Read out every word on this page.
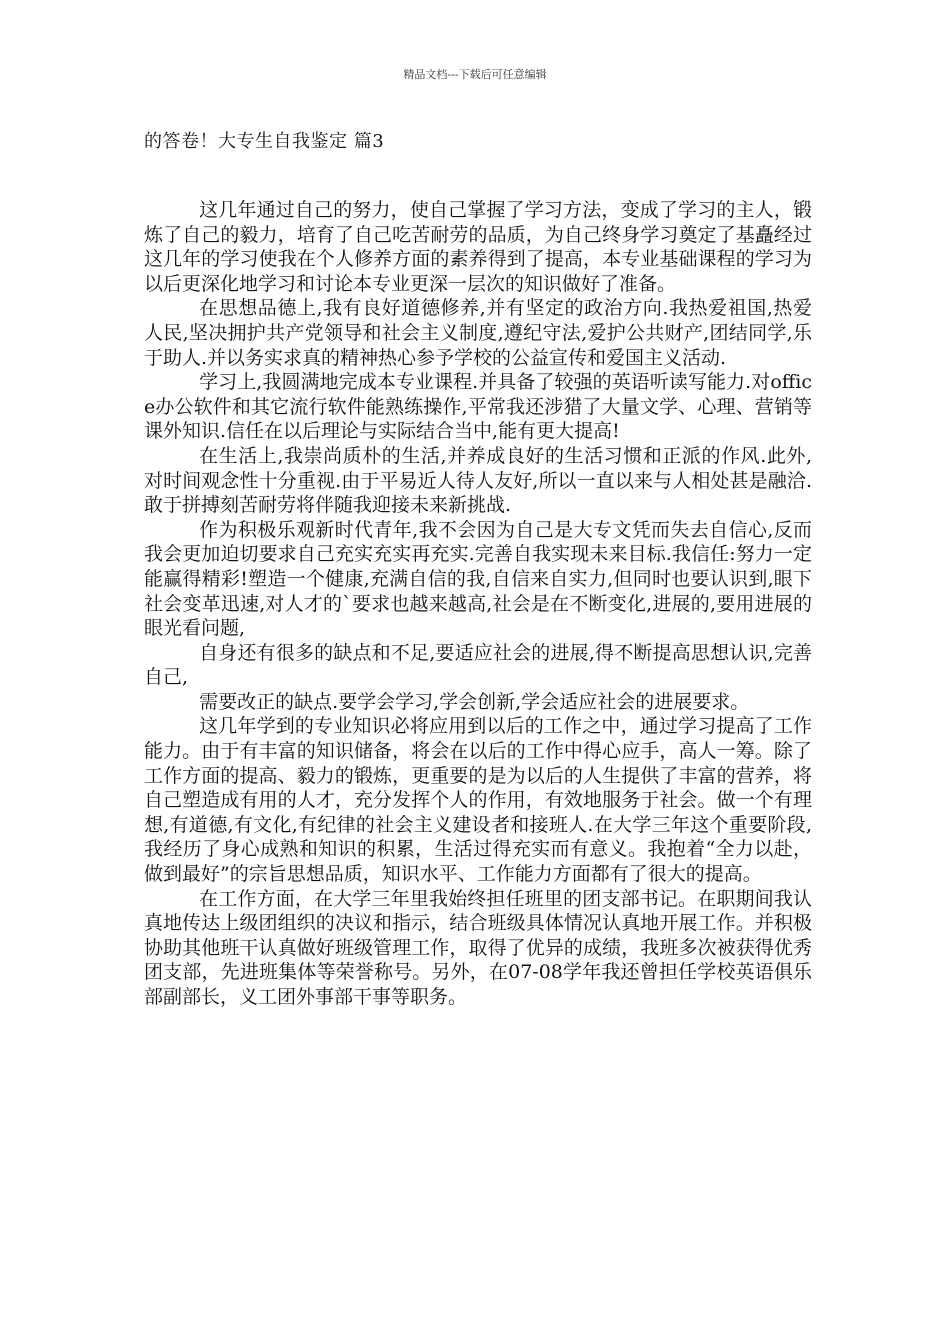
精品文档---下载后可任意编辑
的答卷！大专生自我鉴定 篇3

这几年通过自己的努力，使自己掌握了学习方法，变成了学习的主人，锻炼了自己的毅力，培育了自己吃苦耐劳的品质，为自己终身学习奠定了基矗经过这几年的学习使我在个人修养方面的素养得到了提高，本专业基础课程的学习为以后更深化地学习和讨论本专业更深一层次的知识做好了准备。

在思想品德上,我有良好道德修养,并有坚定的政治方向.我热爱祖国,热爱人民,坚决拥护共产党领导和社会主义制度,遵纪守法,爱护公共财产,团结同学,乐于助人.并以务实求真的精神热心参予学校的公益宣传和爱国主义活动.

学习上,我圆满地完成本专业课程.并具备了较强的英语听读写能力.对office办公软件和其它流行软件能熟练操作,平常我还涉猎了大量文学、心理、营销等课外知识.信任在以后理论与实际结合当中,能有更大提高!

在生活上,我崇尚质朴的生活,并养成良好的生活习惯和正派的作风.此外,对时间观念性十分重视.由于平易近人待人友好,所以一直以来与人相处甚是融洽.敢于拼搏刻苦耐劳将伴随我迎接未来新挑战.

作为积极乐观新时代青年,我不会因为自己是大专文凭而失去自信心,反而我会更加迫切要求自己充实充实再充实.完善自我实现未来目标.我信任:努力一定能赢得精彩!塑造一个健康,充满自信的我,自信来自实力,但同时也要认识到,眼下社会变革迅速,对人才的`要求也越来越高,社会是在不断变化,进展的,要用进展的眼光看问题,

自身还有很多的缺点和不足,要适应社会的进展,得不断提高思想认识,完善自己,

需要改正的缺点.要学会学习,学会创新,学会适应社会的进展要求。

这几年学到的专业知识必将应用到以后的工作之中，通过学习提高了工作能力。由于有丰富的知识储备，将会在以后的工作中得心应手，高人一筹。除了工作方面的提高、毅力的锻炼，更重要的是为以后的人生提供了丰富的营养，将自己塑造成有用的人才，充分发挥个人的作用，有效地服务于社会。做一个有理想,有道德,有文化,有纪律的社会主义建设者和接班人.在大学三年这个重要阶段,我经历了身心成熟和知识的积累，生活过得充实而有意义。我抱着“全力以赴，做到最好”的宗旨思想品质，知识水平、工作能力方面都有了很大的提高。

在工作方面，在大学三年里我始终担任班里的团支部书记。在职期间我认真地传达上级团组织的决议和指示，结合班级具体情况认真地开展工作。并积极协助其他班干认真做好班级管理工作，取得了优异的成绩，我班多次被获得优秀团支部，先进班集体等荣誉称号。另外，在07-08学年我还曾担任学校英语俱乐部副部长，义工团外事部干事等职务。
